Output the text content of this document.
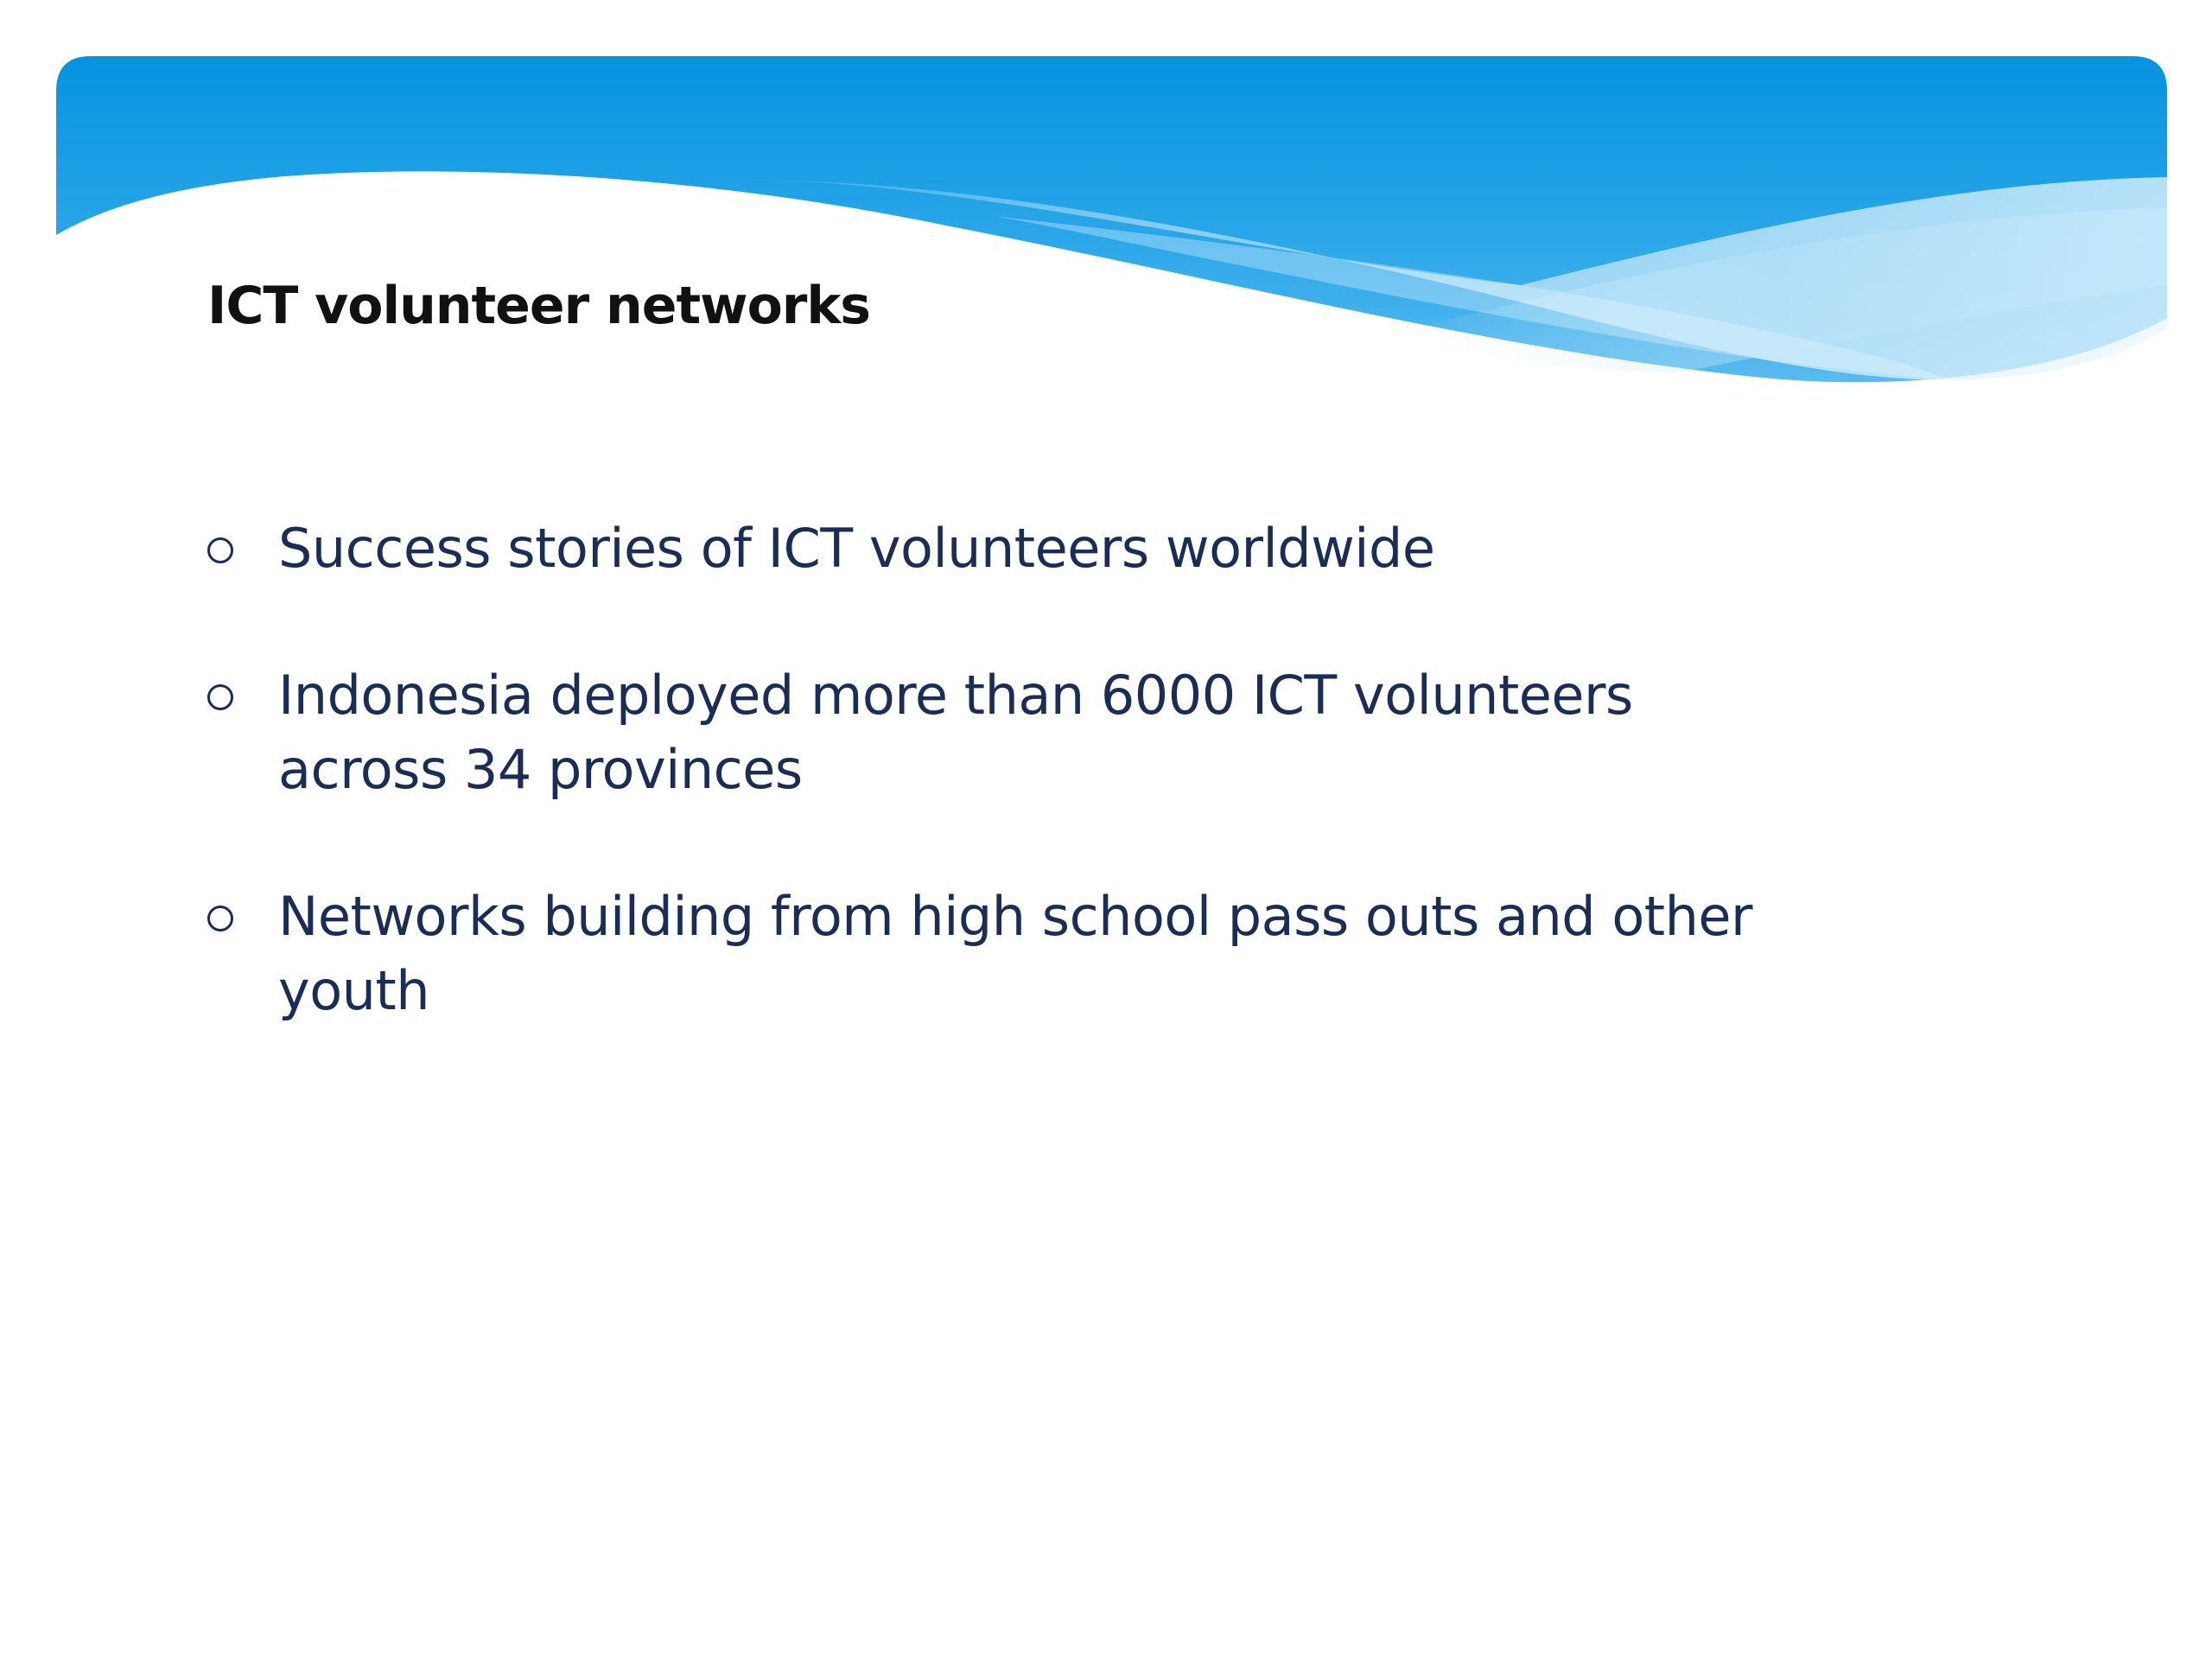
ICT volunteer networks
Success stories of ICT volunteers worldwide
Indonesia deployed more than 6000 ICT volunteers across 34 provinces
Networks building from high school pass outs and other youth
